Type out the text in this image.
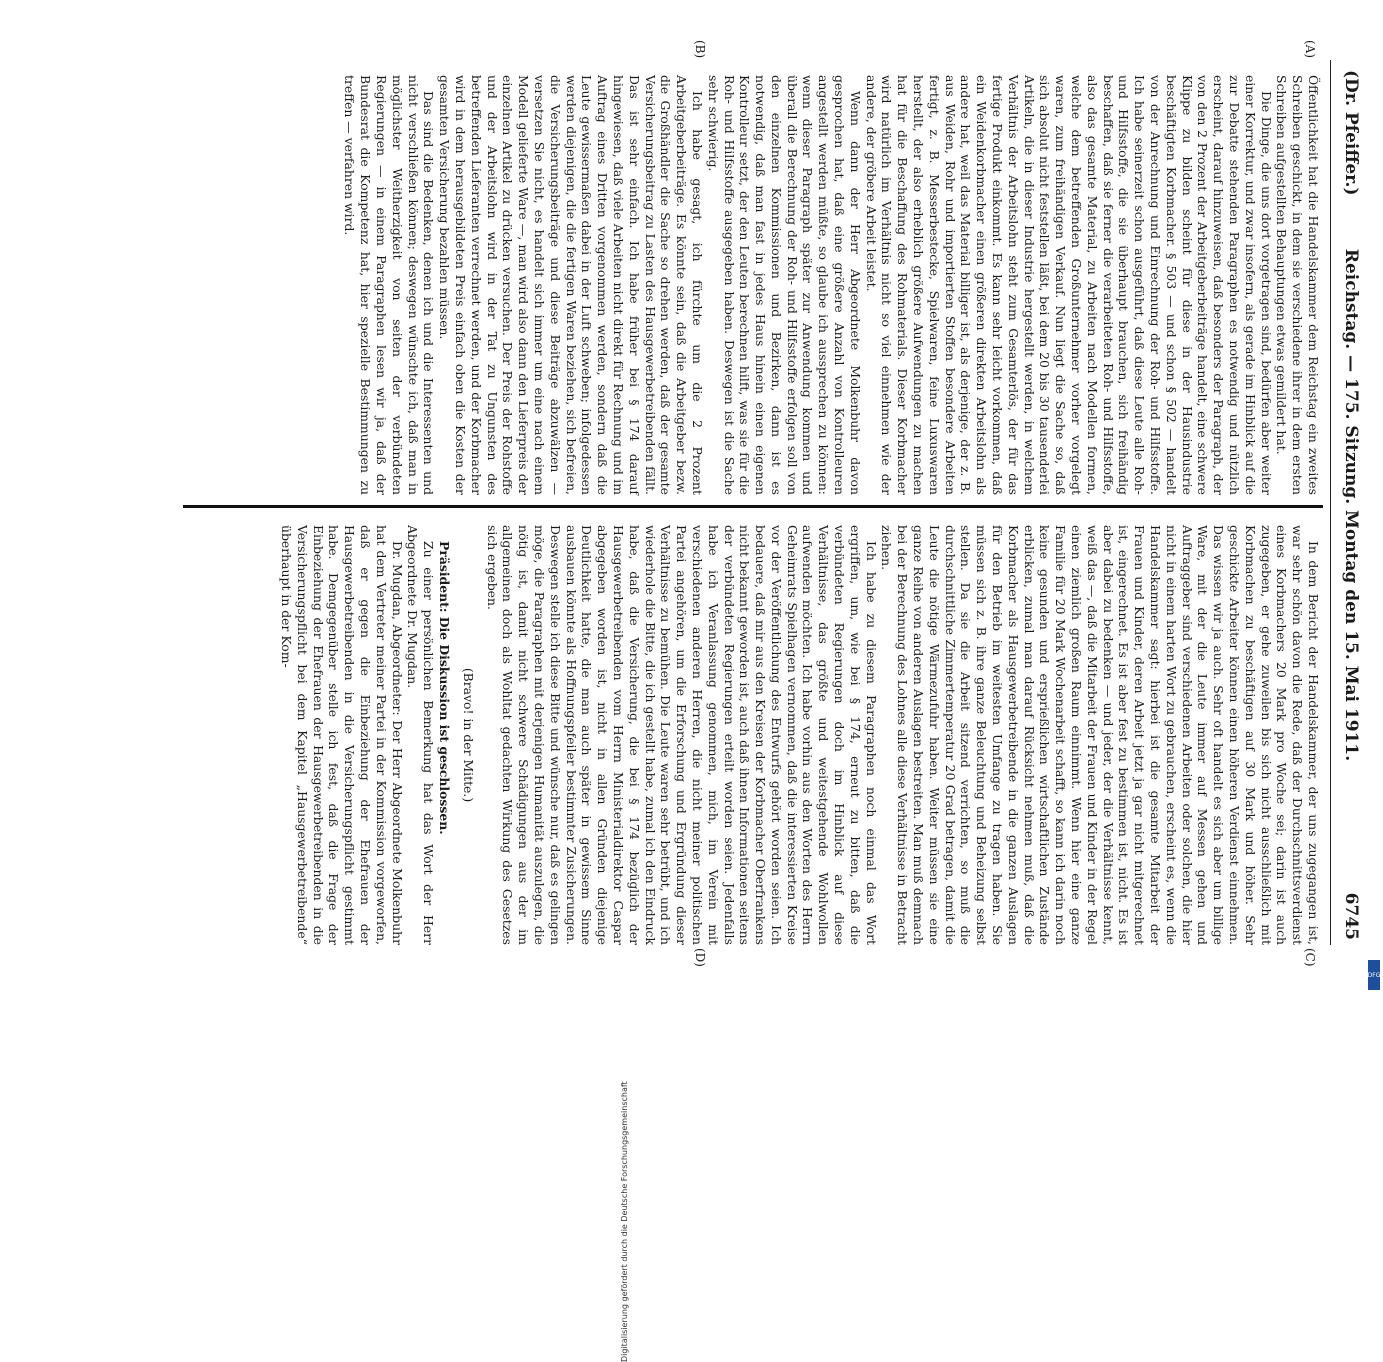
(Dr. Pfeiffer.)
Reichstag. — 175. Sitzung. Montag den 15. Mai 1911.
6745
(A)
(B)
(C)
(D)

Öffentlichkeit hat die Handelskammer dem Reichstag ein zweites Schreiben geschickt, in dem sie verschiedene ihrer in dem ersten Schreiben aufgestellten Behauptungen etwas gemildert hat.

Die Dinge, die uns dort vorgetragen sind, bedürfen aber weiter einer Korrektur, und zwar insofern, als gerade im Hinblick auf die zur Debatte stehenden Paragraphen es notwendig und nützlich erscheint, darauf hinzuweisen, daß besonders der Paragraph, der von den 2 Prozent der Arbeitgeberbeiträge handelt, eine schwere Klippe zu bilden scheint für diese in der Hausindustrie beschäftigten Korbmacher. § 503 — und schon § 502 — handelt von der Anrechnung und Einrechnung der Roh- und Hilfsstoffe. Ich habe seinerzeit schon ausgeführt, daß diese Leute alle Roh- und Hilfsstoffe, die sie überhaupt brauchen, sich freihändig beschaffen, daß sie ferner die verarbeiteten Roh- und Hilfsstoffe, also das gesamte Material, zu Arbeiten nach Modellen formen, welche dem betreffenden Großunternehmer vorher vorgelegt waren, zum freihändigen Verkauf. Nun liegt die Sache so, daß sich absolut nicht feststellen läßt, bei dem 20 bis 30 tausenderlei Artikeln, die in dieser Industrie hergestellt werden, in welchem Verhältnis der Arbeitslohn steht zum Gesamterlös, der für das fertige Produkt einkommt. Es kann sehr leicht vorkommen, daß ein Weidenkorbmacher einen größeren direkten Arbeitslohn als andere hat, weil das Material billiger ist, als derjenige, der z. B. aus Weiden, Rohr und importierten Stoffen besondere Arbeiten fertigt, z. B. Messerbestecke, Spielwaren, feine Luxuswaren herstellt, der also erheblich größere Aufwendungen zu machen hat für die Beschaffung des Rohmaterials. Dieser Korbmacher wird natürlich im Verhältnis nicht so viel einnehmen wie der andere, der gröbere Arbeit leistet.

Wenn dann der Herr Abgeordnete Molkenbuhr davon gesprochen hat, daß eine größere Anzahl von Kontrolleuren angestellt werden müßte, so glaube ich aussprechen zu können: wenn dieser Paragraph später zur Anwendung kommen und überall die Berechnung der Roh- und Hilfsstoffe erfolgen soll von den einzelnen Kommissionen und Bezirken, dann ist es notwendig, daß man fast in jedes Haus hinein einen eigenen Kontrolleur setzt, der den Leuten berechnen hilft, was sie für die Roh- und Hilfsstoffe ausgegeben haben. Deswegen ist die Sache sehr schwierig.

Ich habe gesagt, ich fürchte um die 2 Prozent Arbeitgeberbeiträge. Es könnte sein, daß die Arbeitgeber bezw. die Großhändler die Sache so drehen werden, daß der gesamte Versicherungsbeitrag zu Lasten des Hausgewerbetreibenden fällt. Das ist sehr einfach. Ich habe früher bei § 174 darauf hingewiesen, daß viele Arbeiten nicht direkt für Rechnung und im Auftrag eines Dritten vorgenommen werden, sondern daß die Leute gewissermaßen dabei in der Luft schweben; infolgedessen werden diejenigen, die die fertigen Waren beziehen, sich befreien, die Versicherungsbeiträge und diese Beiträge abzuwälzen — versetzen Sie nicht, es handelt sich immer um eine nach einem Modell gelieferte Ware —, man wird also dann den Lieferpreis der einzelnen Artikel zu drücken versuchen. Der Preis der Rohstoffe und der Arbeitslohn wird in der Tat zu Ungunsten des betreffenden Lieferanten verrechnet werden, und der Korbmacher wird in dem herausgebildeten Preis einfach oben die Kosten der gesamten Versicherung bezahlen müssen.

Das sind die Bedenken, denen ich und die Interessenten und nicht verschließen können; deswegen wünschte ich, daß man in möglichster Weitherzigkeit von seiten der verbündeten Regierungen — in einem Paragraphen lesen wir ja, daß der Bundesrat die Kompetenz hat, hier spezielle Bestimmungen zu treffen — verfahren wird.

In dem Bericht der Handelskammer, der uns zugegangen ist, war sehr schön davon die Rede, daß der Durchschnittsverdienst eines Korbmachers 20 Mark pro Woche sei; darin ist auch zugegeben, er gehe zuweilen bis sich nicht ausschließlich mit Korbmachen zu beschäftigen auf 30 Mark und höher. Sehr geschickte Arbeiter können einen höheren Verdienst einnehmen. Das wissen wir ja auch. Sehr oft handelt es sich aber um billige Ware, mit der die Leute immer auf Messen gehen und Auftraggeber sind verschiedenen Arbeiten oder solchen, die hier nicht in einem harten Wort zu gebrauchen, erscheint es, wenn die Handelskammer sagt: hierbei ist die gesamte Mitarbeit der Frauen und Kinder, deren Arbeit jetzt ja gar nicht mitgerechnet ist, eingerechnet. Es ist aber fest zu bestimmen ist, nicht. Es ist aber dabei zu bedenken — und jeder, der die Verhältnisse kennt, weiß das —, daß die Mitarbeit der Frauen und Kinder in der Regel einen ziemlich großen Raum einnimmt. Wenn hier eine ganze Familie für 20 Mark Wochenarbeit schafft, so kann ich darin noch keine gesunden und ersprießlichen wirtschaftlichen Zustände erblicken, zumal man darauf Rücksicht nehmen muß, daß die Korbmacher als Hausgewerbetreibende in die ganzen Auslagen für den Betrieb im weitesten Umfange zu tragen haben. Sie müssen sich z. B. ihre ganze Beleuchtung und Beheizung selbst stellen. Da sie die Arbeit sitzend verrichten, so muß die durchschnittliche Zimmertemperatur 20 Grad betragen, damit die Leute die nötige Wärmezufuhr haben. Weiter müssen sie eine ganze Reihe von anderen Auslagen bestreiten. Man muß demnach bei der Berechnung des Lohnes alle diese Verhältnisse in Betracht ziehen.

Ich habe zu diesem Paragraphen noch einmal das Wort ergriffen, um, wie bei § 174, erneut zu bitten, daß die verbündeten Regierungen doch im Hinblick auf diese Verhältnisse, das größte und weitestgehende Wohlwollen aufwenden möchten. Ich habe vorhin aus den Worten des Herrn Geheimrats Spielhagen vernommen, daß die interessierten Kreise vor der Veröffentlichung des Entwurfs gehört worden seien. Ich bedauere, daß mir aus den Kreisen der Korbmacher Oberfrankens nicht bekannt geworden ist, auch daß ihnen Informationen seitens der verbündeten Regierungen erteilt worden seien. Jedenfalls habe ich Veranlassung genommen, mich, im Verein mit verschiedenen anderen Herren, die nicht meiner politischen Partei angehören, um die Erforschung und Ergründung dieser Verhältnisse zu bemühen. Die Leute waren sehr betrübt, und ich wiederhole die Bitte, die ich gestellt habe, zumal ich den Eindruck habe, daß die Versicherung, die bei § 174 bezüglich der Hausgewerbetreibenden vom Herrn Ministerialdirektor Caspar abgegeben worden ist, nicht in allen Gründen diejenige Deutlichkeit hatte, die man auch später in gewissem Sinne ausbauen könnte als Hoffnungspfeiler bestimmter Zusicherungen. Deswegen stelle ich diese Bitte und wünsche nur, daß es gelingen möge, die Paragraphen mit derjenigen Humanität auszulegen, die nötig ist, damit nicht schwere Schädigungen aus der im allgemeinen doch als Wohltat gedachten Wirkung des Gesetzes sich ergeben.

(Bravo! in der Mitte.)

Präsident: Die Diskussion ist geschlossen.

Zu einer persönlichen Bemerkung hat das Wort der Herr Abgeordnete Dr. Mugdan.

Dr. Mugdan, Abgeordneter: Der Herr Abgeordnete Molkenbuhr hat dem Vertreter meiner Partei in der Kommission vorgeworfen, daß er gegen die Einbeziehung der Ehefrauen der Hausgewerbetreibenden in die Versicherungspflicht gestimmt habe. Demgegenüber stelle ich fest, daß die Frage der Einbeziehung der Ehefrauen der Hausgewerbetreibenden in die Versicherungspflicht bei dem Kapitel „Hausgewerbetreibende“ überhaupt in der Kom-

Digitalisierung gefördert durch die Deutsche Forschungsgemeinschaft
DFG
